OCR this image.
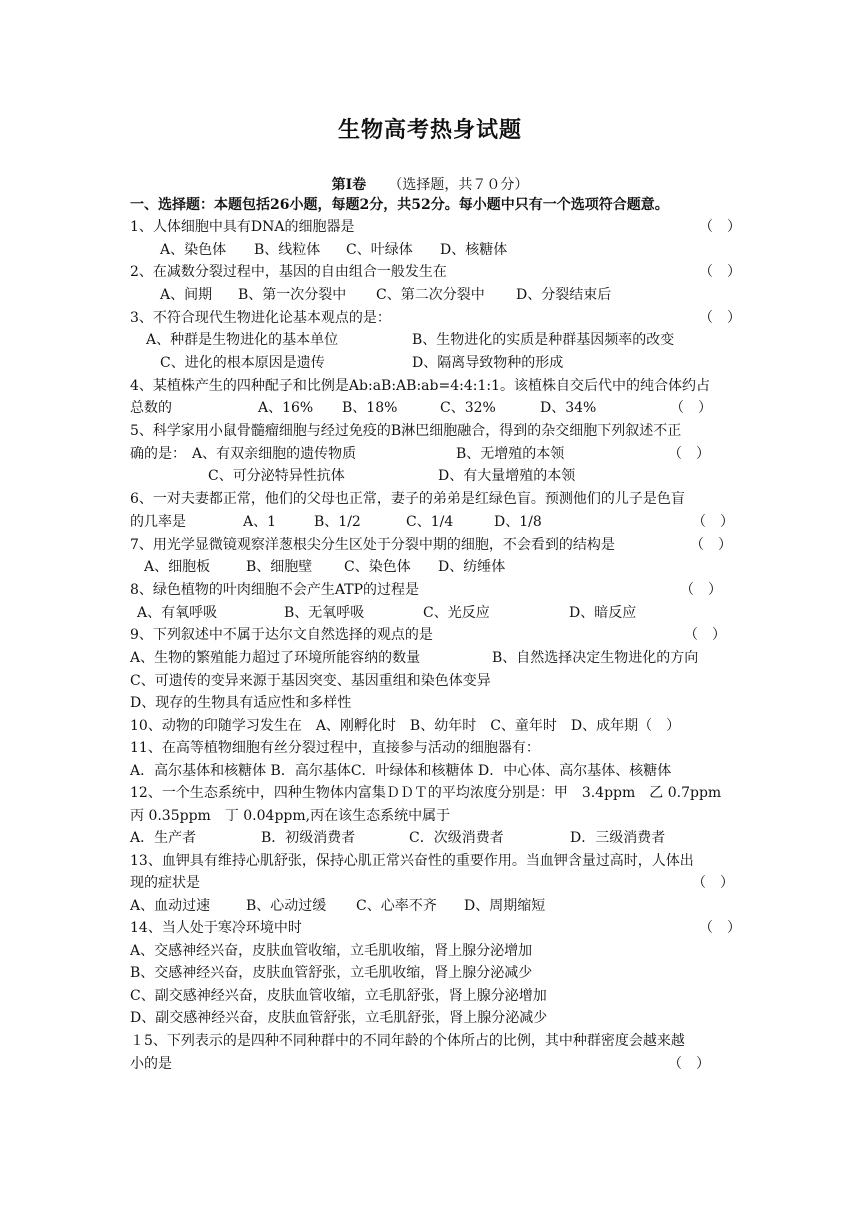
生物高考热身试题
第Ⅰ卷 （选择题，共７０分）
一、选择题：本题包括26小题，每题2分，共52分。每小题中只有一个选项符合题意。
1、人体细胞中具有DNA的细胞器是	（　）
A、染色体 B、线粒体 C、叶绿体 D、核糖体
2、在减数分裂过程中，基因的自由组合一般发生在	（　）
A、间期 B、第一次分裂中 C、第二次分裂中 D、分裂结束后
3、不符合现代生物进化论基本观点的是：	（　）
A、种群是生物进化的基本单位	B、生物进化的实质是种群基因频率的改变
C、进化的根本原因是遗传	D、隔离导致物种的形成
4、某植株产生的四种配子和比例是Ab:aB:AB:ab=4:4:1:1。该植株自交后代中的纯合体约占
总数的	A、16% B、18%	C、32%	D、34%	（　）
5、科学家用小鼠骨髓瘤细胞与经过免疫的B淋巴细胞融合，得到的杂交细胞下列叙述不正
确的是： A、有双亲细胞的遗传物质	B、无增殖的本领	（　）
C、可分泌特异性抗体	D、有大量增殖的本领
6、一对夫妻都正常，他们的父母也正常，妻子的弟弟是红绿色盲。预测他们的儿子是色盲
的几率是	A、1	B、1/2	C、1/4	D、1/8	（　）
7、用光学显微镜观察洋葱根尖分生区处于分裂中期的细胞，不会看到的结构是	（　）
A、细胞板	B、细胞壁 C、染色体 D、纺缍体
8、绿色植物的叶肉细胞不会产生ATP的过程是	（　）
A、有氧呼吸	B、无氧呼吸	C、光反应	D、暗反应
9、下列叙述中不属于达尔文自然选择的观点的是	（　）
A、生物的繁殖能力超过了环境所能容纳的数量	B、自然选择决定生物进化的方向
C、可遗传的变异来源于基因突变、基因重组和染色体变异
D、现存的生物具有适应性和多样性
10、动物的印随学习发生在　A、刚孵化时　B、幼年时　C、童年时　D、成年期（　）
11、在高等植物细胞有丝分裂过程中，直接参与活动的细胞器有：
A．高尔基体和核糖体 B．高尔基体C．叶绿体和核糖体 D．中心体、高尔基体、核糖体
12、一个生态系统中，四种生物体内富集ＤＤＴ的平均浓度分别是：甲　3.4ppm　乙 0.7ppm
丙 0.35ppm　丁 0.04ppm,丙在该生态系统中属于
A．生产者	B．初级消费者	C．次级消费者	D．三级消费者
13、血钾具有维持心肌舒张，保持心肌正常兴奋性的重要作用。当血钾含量过高时，人体出
现的症状是	（　）
A、血动过速	B、心动过缓 C、心率不齐 D、周期缩短
14、当人处于寒冷环境中时	（　）
A、交感神经兴奋，皮肤血管收缩，立毛肌收缩，肾上腺分泌增加
B、交感神经兴奋，皮肤血管舒张，立毛肌收缩，肾上腺分泌减少
C、副交感神经兴奋，皮肤血管收缩，立毛肌舒张，肾上腺分泌增加
D、副交感神经兴奋，皮肤血管舒张，立毛肌舒张，肾上腺分泌减少
１5、下列表示的是四种不同种群中的不同年龄的个体所占的比例，其中种群密度会越来越
小的是	（　）
